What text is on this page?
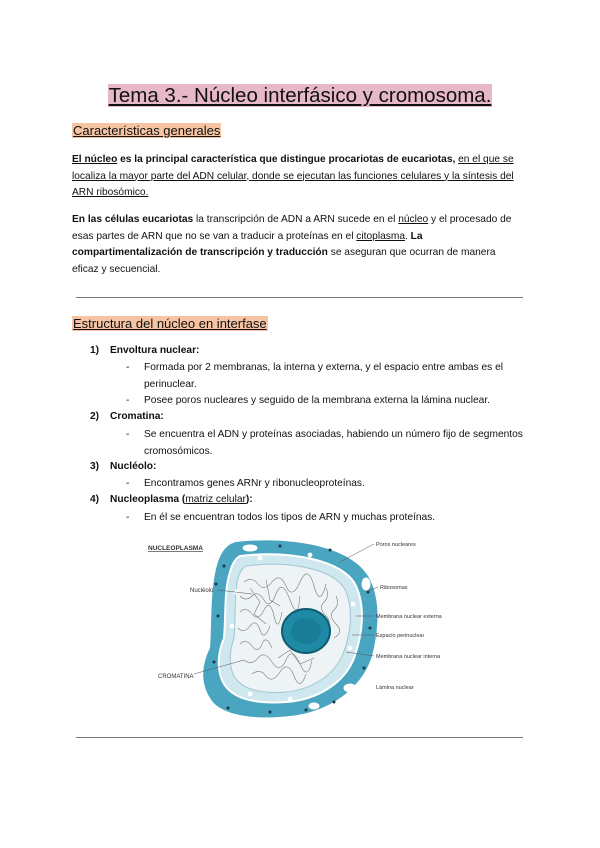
Tema 3.- Núcleo interfásico y cromosoma.
Características generales
El núcleo es la principal característica que distingue procariotas de eucariotas, en el que se localiza la mayor parte del ADN celular, donde se ejecutan las funciones celulares y la síntesis del ARN ribosómico.
En las células eucariotas la transcripción de ADN a ARN sucede en el núcleo y el procesado de esas partes de ARN que no se van a traducir a proteínas en el citoplasma. La compartimentalización de transcripción y traducción se aseguran que ocurran de manera eficaz y secuencial.
Estructura del núcleo en interfase
1) Envoltura nuclear:
- Formada por 2 membranas, la interna y externa, y el espacio entre ambas es el perinuclear.
- Posee poros nucleares y seguido de la membrana externa la lámina nuclear.
2) Cromatina:
- Se encuentra el ADN y proteínas asociadas, habiendo un número fijo de segmentos cromosómicos.
3) Nucléolo:
- Encontramos genes ARNr y ribonucleoproteínas.
4) Nucleoplasma (matriz celular):
- En él se encuentran todos los tipos de ARN y muchas proteínas.
NUCLEOPLASMA
Nucléolo
CROMATINA
Poros nucleares
Ribosomas
Membrana nuclear externa
Espacio perinuclear
Membrana nuclear interna
Lámina nuclear
